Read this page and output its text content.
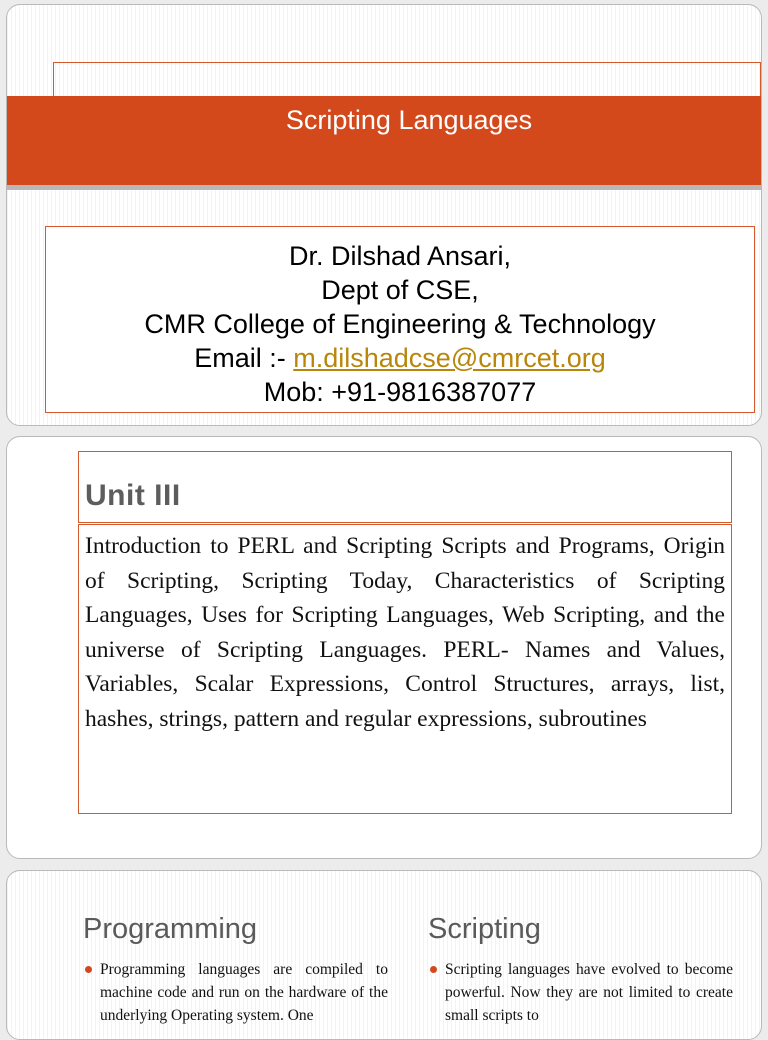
Scripting Languages
Dr. Dilshad Ansari,
Dept of CSE,
CMR College of Engineering & Technology
Email :- m.dilshadcse@cmrcet.org
Mob: +91-9816387077
Unit III
Introduction to PERL and Scripting Scripts and Programs, Origin of Scripting, Scripting Today, Characteristics of Scripting Languages, Uses for Scripting Languages, Web Scripting, and the universe of Scripting Languages. PERL- Names and Values, Variables, Scalar Expressions, Control Structures, arrays, list, hashes, strings, pattern and regular expressions, subroutines
Programming
Programming languages are compiled to machine code and run on the hardware of the underlying Operating system. One
Scripting
Scripting languages have evolved to become powerful. Now they are not limited to create small scripts to
